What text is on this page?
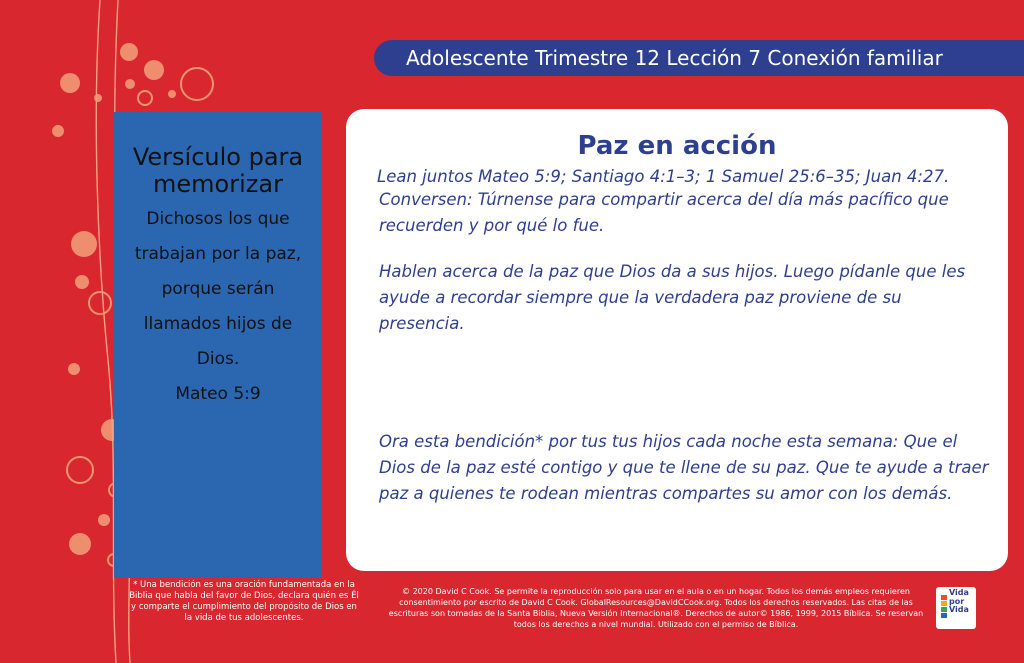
Adolescente Trimestre 12 Lección 7 Conexión familiar
Versículo para memorizar
Dichosos los que trabajan por la paz, porque serán llamados hijos de Dios.
Mateo 5:9
Paz en acción

Lean juntos Mateo 5:9; Santiago 4:1–3; 1 Samuel 25:6–35; Juan 4:27.

Conversen: Túrnense para compartir acerca del día más pacífico que recuerden y por qué lo fue.

Hablen acerca de la paz que Dios da a sus hijos. Luego pídanle que les ayude a recordar siempre que la verdadera paz proviene de su presencia.

Ora esta bendición* por tus tus hijos cada noche esta semana: Que el Dios de la paz esté contigo y que te llene de su paz. Que te ayude a traer paz a quienes te rodean mientras compartes su amor con los demás.

* Una bendición es una oración fundamentada en la Biblia que habla del favor de Dios, declara quién es Él y comparte el cumplimiento del propósito de Dios en la vida de tus adolescentes.
© 2020 David C Cook. Se permite la reproducción solo para usar en el aula o en un hogar. Todos los demás empleos requieren consentimiento por escrito de David C Cook. GlobalResources@DavidCCook.org. Todos los derechos reservados. Las citas de las escrituras son tomadas de la Santa Biblia, Nueva Versión Internacional®. Derechos de autor© 1986, 1999, 2015 Bíblica. Se reservan todos los derechos a nivel mundial. Utilizado con el permiso de Bíblica.
Vida
por
Vida
